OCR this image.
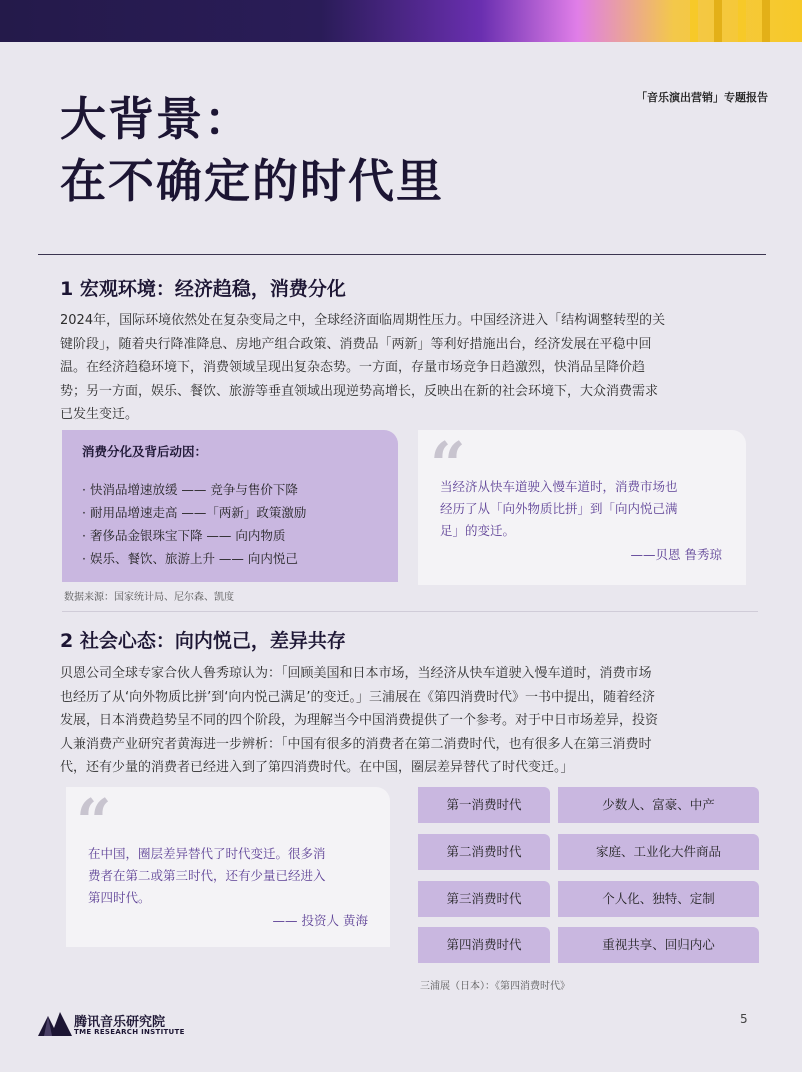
「音乐演出营销」专题报告
大背景：
在不确定的时代里
1 宏观环境：经济趋稳，消费分化
2024年，国际环境依然处在复杂变局之中，全球经济面临周期性压力。中国经济进入「结构调整转型的关
键阶段」，随着央行降准降息、房地产组合政策、消费品「两新」等利好措施出台，经济发展在平稳中回
温。在经济趋稳环境下，消费领域呈现出复杂态势。一方面，存量市场竞争日趋激烈，快消品呈降价趋
势；另一方面，娱乐、餐饮、旅游等垂直领域出现逆势高增长，反映出在新的社会环境下，大众消费需求
已发生变迁。
消费分化及背后动因：
· 快消品增速放缓 —— 竞争与售价下降
· 耐用品增速走高 ——「两新」政策激励
· 奢侈品金银珠宝下降 —— 向内物质
· 娱乐、餐饮、旅游上升 —— 向内悦己
数据来源：国家统计局、尼尔森、凯度
“
当经济从快车道驶入慢车道时，消费市场也
经历了从「向外物质比拼」到「向内悦己满
足」的变迁。
——贝恩 鲁秀琼
2 社会心态：向内悦己，差异共存
贝恩公司全球专家合伙人鲁秀琼认为：「回顾美国和日本市场，当经济从快车道驶入慢车道时，消费市场
也经历了从‘向外物质比拼’到‘向内悦己满足’的变迁。」三浦展在《第四消费时代》一书中提出，随着经济
发展，日本消费趋势呈不同的四个阶段，为理解当今中国消费提供了一个参考。对于中日市场差异，投资
人兼消费产业研究者黄海进一步辨析：「中国有很多的消费者在第二消费时代，也有很多人在第三消费时
代，还有少量的消费者已经进入到了第四消费时代。在中国，圈层差异替代了时代变迁。」
“
在中国，圈层差异替代了时代变迁。很多消
费者在第二或第三时代，还有少量已经进入
第四时代。
—— 投资人 黄海
第一消费时代	少数人、富豪、中产
第二消费时代	家庭、工业化大件商品
第三消费时代	个人化、独特、定制
第四消费时代	重视共享、回归内心
三浦展（日本）：《第四消费时代》
腾讯音乐研究院
TME RESEARCH INSTITUTE
5
